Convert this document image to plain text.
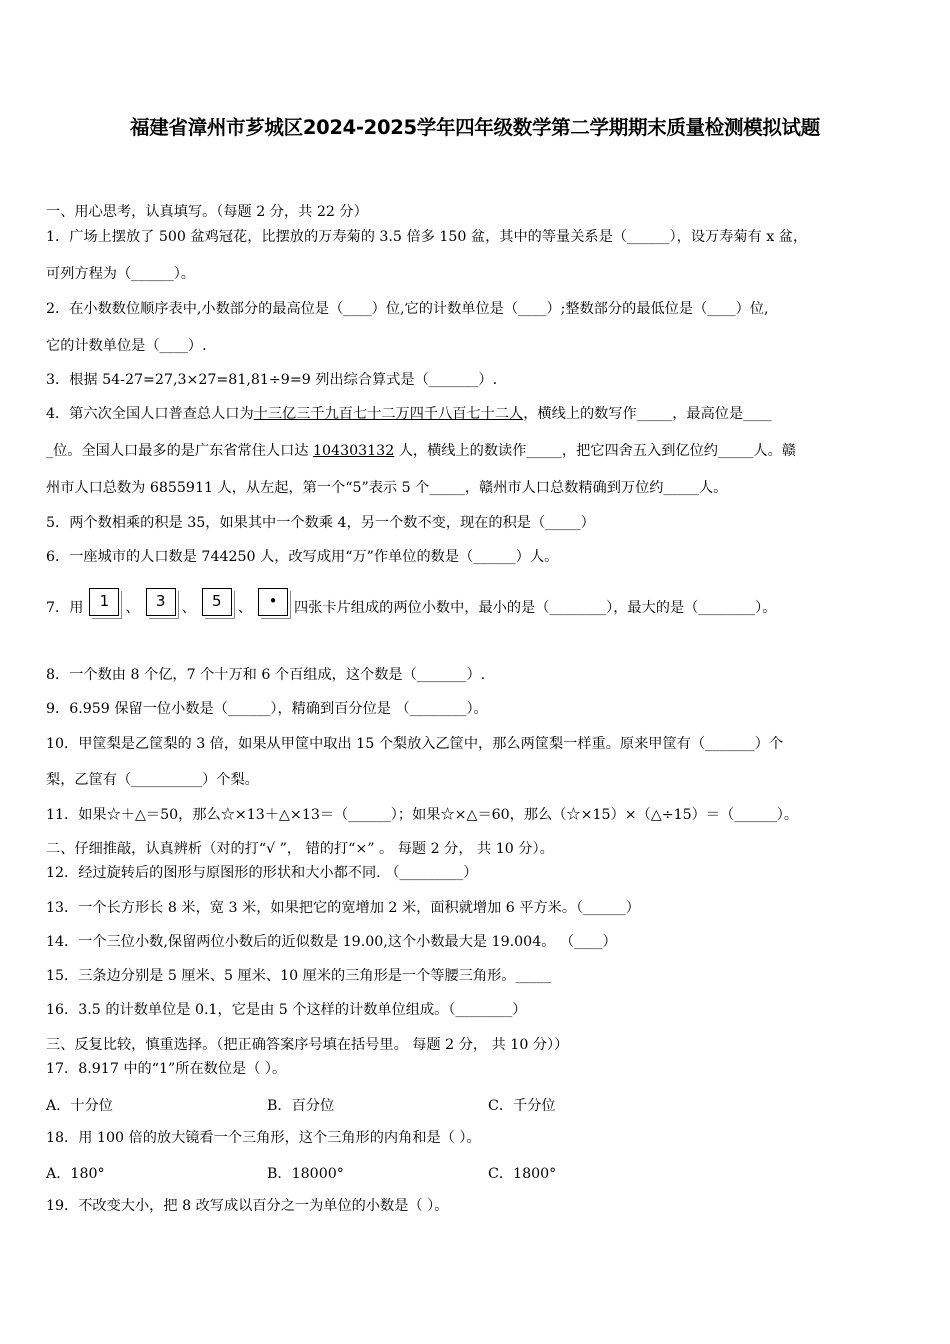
福建省漳州市芗城区2024-2025学年四年级数学第二学期期末质量检测模拟试题
一、用心思考，认真填写。（每题 2 分，共 22 分）
1．广场上摆放了 500 盆鸡冠花，比摆放的万寿菊的 3.5 倍多 150 盆，其中的等量关系是（______），设万寿菊有 x 盆，
可列方程为（______）。
2．在小数数位顺序表中,小数部分的最高位是（____）位,它的计数单位是（____）;整数部分的最低位是（____）位,
它的计数单位是（____）.
3．根据 54-27=27,3×27=81,81÷9=9 列出综合算式是（_______）.
4．第六次全国人口普查总人口为十三亿三千九百七十二万四千八百七十二人，横线上的数写作_____，最高位是____
_位。全国人口最多的是广东省常住人口达 104303132 人，横线上的数读作_____，把它四舍五入到亿位约_____人。赣
州市人口总数为 6855911 人，从左起，第一个“5”表示 5 个_____，赣州市人口总数精确到万位约_____人。
5．两个数相乘的积是 35，如果其中一个数乘 4，另一个数不变，现在的积是（_____）
6．一座城市的人口数是 744250 人，改写成用“万”作单位的数是（______）人。
7．用 1 、 3 、 5 、 • 四张卡片组成的两位小数中，最小的是（________），最大的是（________）。
8．一个数由 8 个亿，7 个十万和 6 个百组成，这个数是（_______）.
9．6.959 保留一位小数是（______），精确到百分位是 （________）。
10．甲筐梨是乙筐梨的 3 倍，如果从甲筐中取出 15 个梨放入乙筐中，那么两筐梨一样重。原来甲筐有（_______）个
梨，乙筐有（__________）个梨。
11．如果☆＋△＝50，那么☆×13＋△×13＝（______）；如果☆×△＝60，那么（☆×15）×（△÷15）＝（______）。
二、仔细推敲，认真辨析（对的打“√ ”， 错的打“×” 。 每题 2 分， 共 10 分）。
12．经过旋转后的图形与原图形的形状和大小都不同. （_________）
13．一个长方形长 8 米，宽 3 米，如果把它的宽增加 2 米，面积就增加 6 平方米。（______）
14．一个三位小数,保留两位小数后的近似数是 19.00,这个小数最大是 19.004。 （____）
15．三条边分别是 5 厘米、5 厘米、10 厘米的三角形是一个等腰三角形。_____
16．3.5 的计数单位是 0.1，它是由 5 个这样的计数单位组成。（________）
三、反复比较，慎重选择。（把正确答案序号填在括号里。 每题 2 分， 共 10 分））
17．8.917 中的“1”所在数位是（ ）。
A．十分位	B．百分位	C．千分位
18．用 100 倍的放大镜看一个三角形，这个三角形的内角和是（ ）。
A．180°	B．18000°	C．1800°
19．不改变大小，把 8 改写成以百分之一为单位的小数是（ ）。
